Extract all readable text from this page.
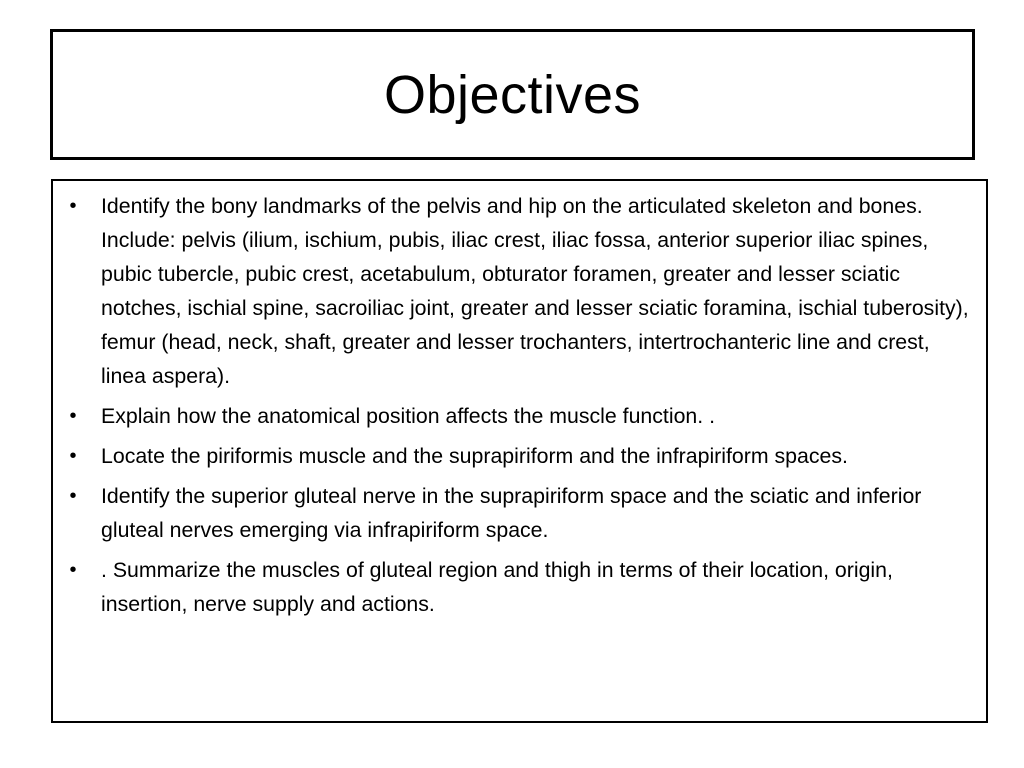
Objectives
•	Identify the bony landmarks of the pelvis and hip on the articulated skeleton and bones. Include: pelvis (ilium, ischium, pubis, iliac crest, iliac fossa, anterior superior iliac spines, pubic tubercle, pubic crest, acetabulum, obturator foramen, greater and lesser sciatic notches, ischial spine, sacroiliac joint, greater and lesser sciatic foramina, ischial tuberosity), femur (head, neck, shaft, greater and lesser trochanters, intertrochanteric line and crest, linea aspera).
•	Explain how the anatomical position affects the muscle function. .
•	Locate the piriformis muscle and the suprapiriform and the infrapiriform spaces.
•	Identify the superior gluteal nerve in the suprapiriform space and the sciatic and inferior gluteal nerves emerging via infrapiriform space.
•	. Summarize the muscles of gluteal region and thigh in terms of their location, origin, insertion, nerve supply and actions.
